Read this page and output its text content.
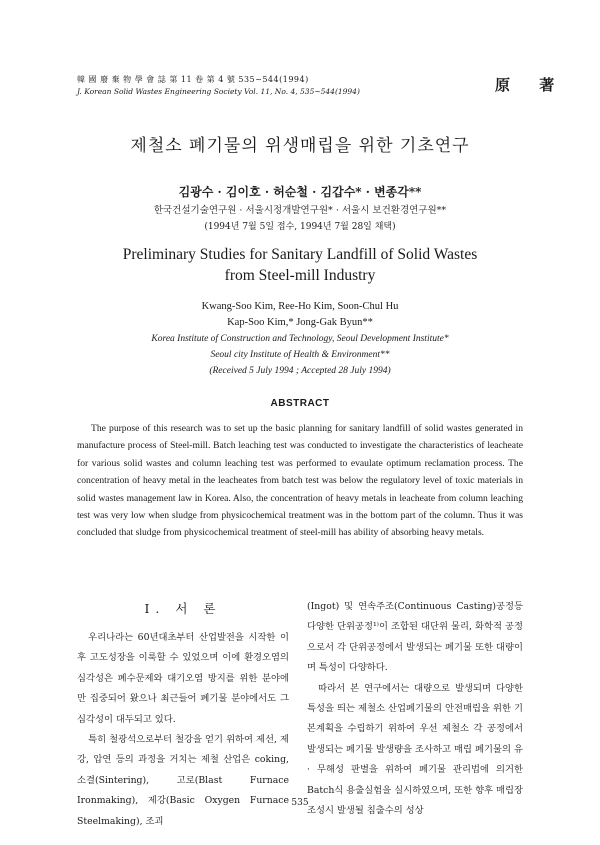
韓 國 廢 棄 物 學 會 誌 第 11 卷 第 4 號 535~544(1994)
J. Korean Solid Wastes Engineering Society Vol. 11, No. 4, 535~544(1994)	原 著
제철소 폐기물의 위생매립을 위한 기초연구
김광수 · 김이호 · 허순철 · 김갑수* · 변종각**
한국건설기술연구원 · 서울시정개발연구원* · 서울시 보건환경연구원**
(1994년 7월 5일 접수, 1994년 7월 28일 채택)
Preliminary Studies for Sanitary Landfill of Solid Wastes
from Steel-mill Industry
Kwang-Soo Kim, Ree-Ho Kim, Soon-Chul Hu
Kap-Soo Kim,* Jong-Gak Byun**
Korea Institute of Construction and Technology, Seoul Development Institute*
Seoul city Institute of Health & Environment**
(Received 5 July 1994 ; Accepted 28 July 1994)
ABSTRACT

The purpose of this research was to set up the basic planning for sanitary landfill of solid wastes generated in manufacture process of Steel-mill. Batch leaching test was conducted to investigate the characteristics of leacheate for various solid wastes and column leaching test was performed to evaulate optimum reclamation process. The concentration of heavy metal in the leacheates from batch test was below the regulatory level of toxic materials in solid wastes management law in Korea. Also, the concentration of heavy metals in leacheate from column leaching test was very low when sludge from physicochemical treatment was in the bottom part of the column. Thus it was concluded that sludge from physicochemical treatment of steel-mill has ability of absorbing heavy metals.

Ⅰ. 서 론

우리나라는 60년대초부터 산업발전을 시작한 이후 고도성장을 이룩할 수 있었으며 이에 환경오염의 심각성은 폐수문제와 대기오염 방지를 위한 분야에만 집중되어 왔으나 최근들어 폐기물 분야에서도 그 심각성이 대두되고 있다.

특히 철광석으로부터 철강을 얻기 위하여 제선, 제강, 압연 등의 과정을 거치는 제철 산업은 coking, 소결(Sintering), 고로(Blast Furnace Ironmaking), 제강(Basic Oxygen Furnace Steelmaking), 조괴

(Ingot) 및 연속주조(Continuous Casting)공정등 다양한 단위공정¹⁾이 조합된 대단위 물리, 화학적 공정으로서 각 단위공정에서 발생되는 폐기물 또한 대량이며 특성이 다양하다.

따라서 본 연구에서는 대량으로 발생되며 다양한 특성을 띄는 제철소 산업폐기물의 안전매립을 위한 기본계획을 수립하기 위하여 우선 제철소 각 공정에서 발생되는 폐기물 발생량을 조사하고 매립 폐기물의 유 · 무해성 판별을 위하여 폐기물 관리법에 의거한 Batch식 용출실험을 실시하였으며, 또한 향후 매립장 조성시 발생될 침출수의 성상

535
